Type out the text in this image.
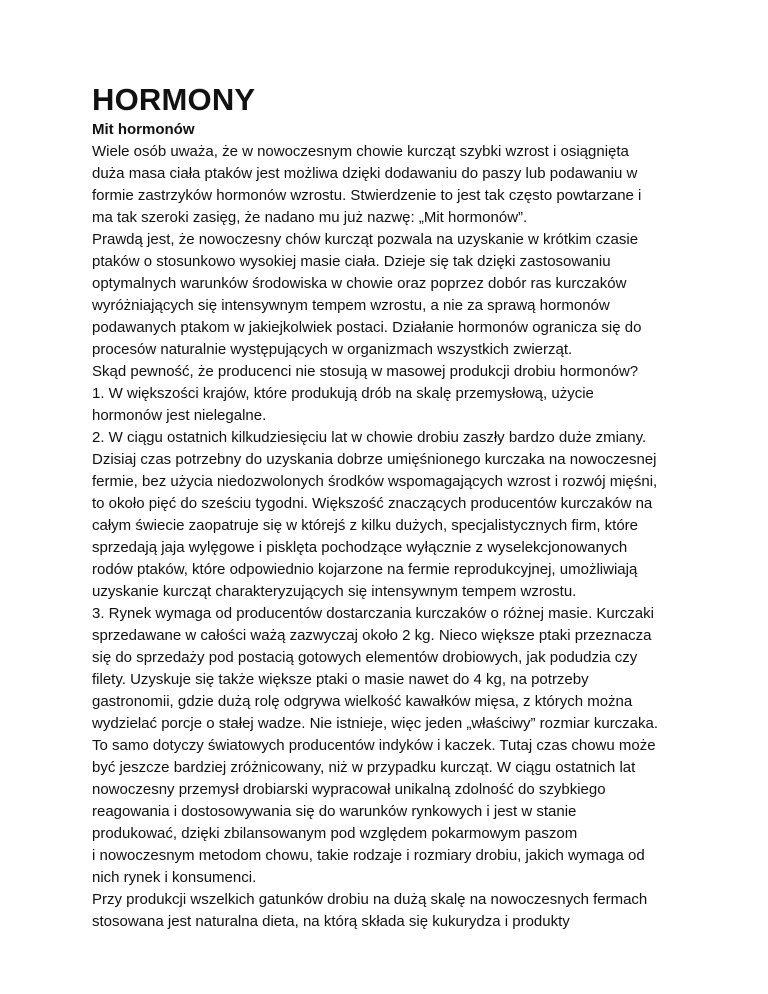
HORMONY
Mit hormonów

Wiele osób uważa, że w nowoczesnym chowie kurcząt szybki wzrost i osiągnięta

duża masa ciała ptaków jest możliwa dzięki dodawaniu do paszy lub podawaniu w

formie zastrzyków hormonów wzrostu. Stwierdzenie to jest tak często powtarzane i

ma tak szeroki zasięg, że nadano mu już nazwę: „Mit hormonów”.

Prawdą jest, że nowoczesny chów kurcząt pozwala na uzyskanie w krótkim czasie

ptaków o stosunkowo wysokiej masie ciała. Dzieje się tak dzięki zastosowaniu

optymalnych warunków środowiska w chowie oraz poprzez dobór ras kurczaków

wyróżniających się intensywnym tempem wzrostu, a nie za sprawą hormonów

podawanych ptakom w jakiejkolwiek postaci. Działanie hormonów ogranicza się do

procesów naturalnie występujących w organizmach wszystkich zwierząt.

Skąd pewność, że producenci nie stosują w masowej produkcji drobiu hormonów?

1. W większości krajów, które produkują drób na skalę przemysłową, użycie

hormonów jest nielegalne.

2. W ciągu ostatnich kilkudziesięciu lat w chowie drobiu zaszły bardzo duże zmiany.

Dzisiaj czas potrzebny do uzyskania dobrze umięśnionego kurczaka na nowoczesnej

fermie, bez użycia niedozwolonych środków wspomagających wzrost i rozwój mięśni,

to około pięć do sześciu tygodni. Większość znaczących producentów kurczaków na

całym świecie zaopatruje się w którejś z kilku dużych, specjalistycznych firm, które

sprzedają jaja wylęgowe i pisklęta pochodzące wyłącznie z wyselekcjonowanych

rodów ptaków, które odpowiednio kojarzone na fermie reprodukcyjnej, umożliwiają

uzyskanie kurcząt charakteryzujących się intensywnym tempem wzrostu.

3. Rynek wymaga od producentów dostarczania kurczaków o różnej masie. Kurczaki

sprzedawane w całości ważą zazwyczaj około 2 kg. Nieco większe ptaki przeznacza

się do sprzedaży pod postacią gotowych elementów drobiowych, jak podudzia czy

filety. Uzyskuje się także większe ptaki o masie nawet do 4 kg, na potrzeby

gastronomii, gdzie dużą rolę odgrywa wielkość kawałków mięsa, z których można

wydzielać porcje o stałej wadze. Nie istnieje, więc jeden „właściwy” rozmiar kurczaka.

To samo dotyczy światowych producentów indyków i kaczek. Tutaj czas chowu może

być jeszcze bardziej zróżnicowany, niż w przypadku kurcząt. W ciągu ostatnich lat

nowoczesny przemysł drobiarski wypracował unikalną zdolność do szybkiego

reagowania i dostosowywania się do warunków rynkowych i jest w stanie

produkować, dzięki zbilansowanym pod względem pokarmowym paszom

i nowoczesnym metodom chowu, takie rodzaje i rozmiary drobiu, jakich wymaga od

nich rynek i konsumenci.

Przy produkcji wszelkich gatunków drobiu na dużą skalę na nowoczesnych fermach

stosowana jest naturalna dieta, na którą składa się kukurydza i produkty
